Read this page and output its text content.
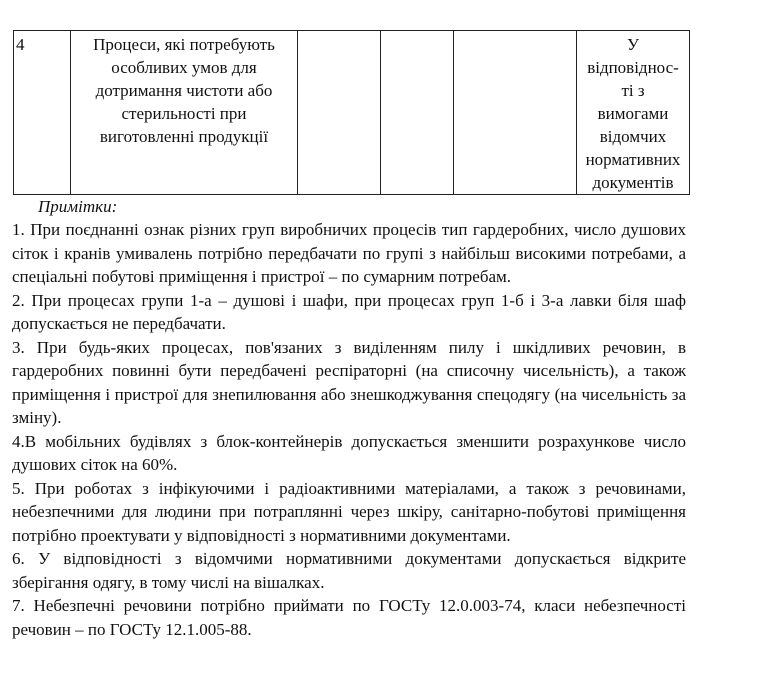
4	Процеси, які потребують
особливих умов для
дотримання чистоти або
стерильності при
виготовленні продукції				У
відповіднос-
ті з
вимогами
відомчих
нормативних
документів
Примітки:

1. При поєднанні ознак різних груп виробничих процесів тип гардеробних, число душових сіток і кранів умивалень потрібно передбачати по групі з найбільш високими потребами, а спеціальні побутові приміщення і пристрої – по сумарним потребам.

2. При процесах групи 1-а – душові і шафи, при процесах груп 1-б і 3-а лавки біля шаф допускається не передбачати.

3. При будь-яких процесах, пов'язаних з виділенням пилу і шкідливих речовин, в гардеробних повинні бути передбачені респіраторні (на списочну чисельність), а також приміщення і пристрої для знепилювання або знешкоджування спецодягу (на чисельність за зміну).

4.В мобільних будівлях з блок-контейнерів допускається зменшити розрахункове число душових сіток на 60%.

5. При роботах з інфікуючими і радіоактивними матеріалами, а також з речовинами, небезпечними для людини при потраплянні через шкіру, санітарно-побутові приміщення потрібно проектувати у відповідності з нормативними документами.

6. У відповідності з відомчими нормативними документами допускається відкрите зберігання одягу, в тому числі на вішалках.

7. Небезпечні речовини потрібно приймати по ГОСТу 12.0.003-74, класи небезпечності речовин – по ГОСТу 12.1.005-88.
